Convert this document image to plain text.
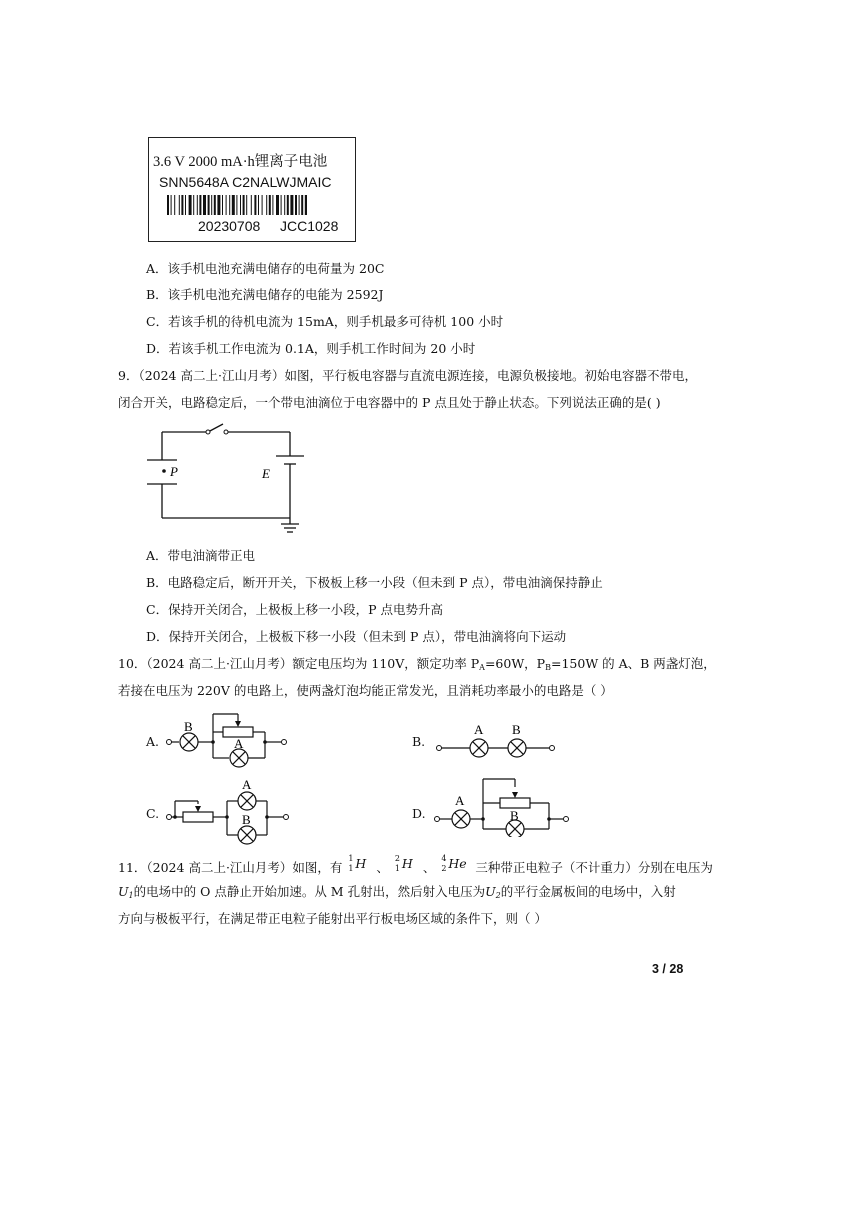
3.6 V 2000 mA·h锂离子电池
SNN5648A C2NALWJMAIC
20230708 JCC1028
A．该手机电池充满电储存的电荷量为 20C
B．该手机电池充满电储存的电能为 2592J
C．若该手机的待机电流为 15mA，则手机最多可待机 100 小时
D．若该手机工作电流为 0.1A，则手机工作时间为 20 小时
9．（2024 高二上·江山月考）如图，平行板电容器与直流电源连接，电源负极接地。初始电容器不带电，
闭合开关，电路稳定后，一个带电油滴位于电容器中的 P 点且处于静止状态。下列说法正确的是( )
P	E
A．带电油滴带正电
B．电路稳定后，断开开关，下极板上移一小段（但未到 P 点），带电油滴保持静止
C．保持开关闭合，上极板上移一小段，P 点电势升高
D．保持开关闭合，上极板下移一小段（但未到 P 点），带电油滴将向下运动
10．（2024 高二上·江山月考）额定电压均为 110V，额定功率 $P_A=60W$，$P_B=150W$ 的 A、B 两盏灯泡，
若接在电压为 220V 的电路上，使两盏灯泡均能正常发光，且消耗功率最小的电路是（ ）
A.
B
A	B.
A B
C.
A
B	D.
A
B
11．（2024 高二上·江山月考）如图，有
1
1 H 、
2
1 H 、
4
2 He 三种带正电粒子（不计重力）分别在电压为
$U_1$的电场中的 O 点静止开始加速。从 M 孔射出，然后射入电压为$U_2$的平行金属板间的电场中，入射
方向与极板平行，在满足带正电粒子能射出平行板电场区域的条件下，则（ ）
3 / 28
